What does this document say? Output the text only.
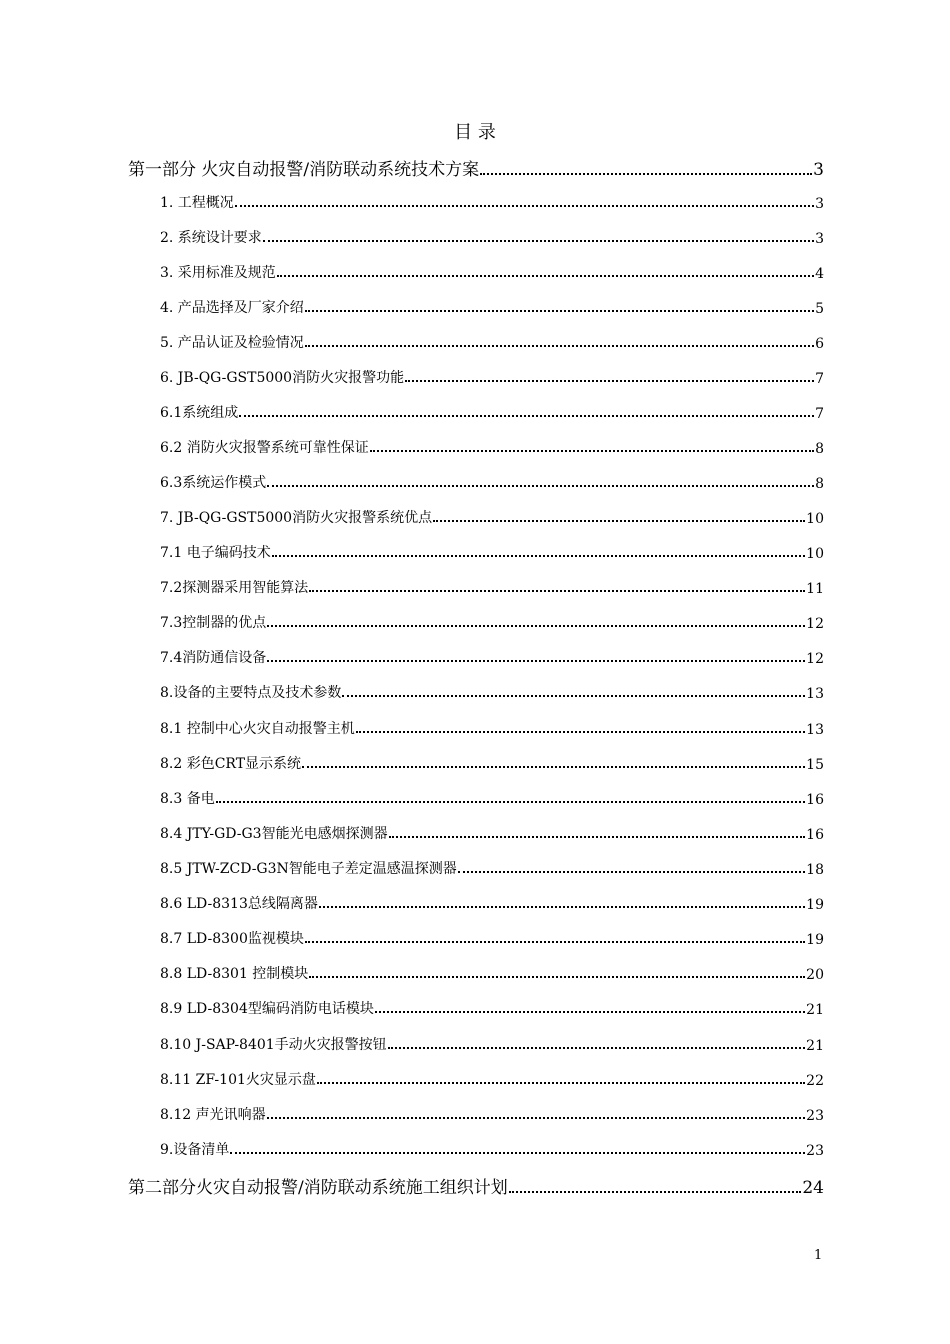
目 录
第一部分 火灾自动报警/消防联动系统技术方案	3
1. 工程概况	3
2. 系统设计要求	3
3. 采用标准及规范	4
4. 产品选择及厂家介绍	5
5. 产品认证及检验情况	6
6. JB-QG-GST5000消防火灾报警功能	7
6.1系统组成	7
6.2 消防火灾报警系统可靠性保证	8
6.3系统运作模式	8
7. JB-QG-GST5000消防火灾报警系统优点	10
7.1 电子编码技术	10
7.2探测器采用智能算法	11
7.3控制器的优点	12
7.4消防通信设备	12
8.设备的主要特点及技术参数	13
8.1 控制中心火灾自动报警主机	13
8.2 彩色CRT显示系统	15
8.3 备电	16
8.4 JTY-GD-G3智能光电感烟探测器	16
8.5 JTW-ZCD-G3N智能电子差定温感温探测器	18
8.6 LD-8313总线隔离器	19
8.7 LD-8300监视模块	19
8.8 LD-8301 控制模块	20
8.9 LD-8304型编码消防电话模块	21
8.10 J-SAP-8401手动火灾报警按钮	21
8.11 ZF-101火灾显示盘	22
8.12 声光讯响器	23
9.设备清单	23
第二部分火灾自动报警/消防联动系统施工组织计划	24
1
